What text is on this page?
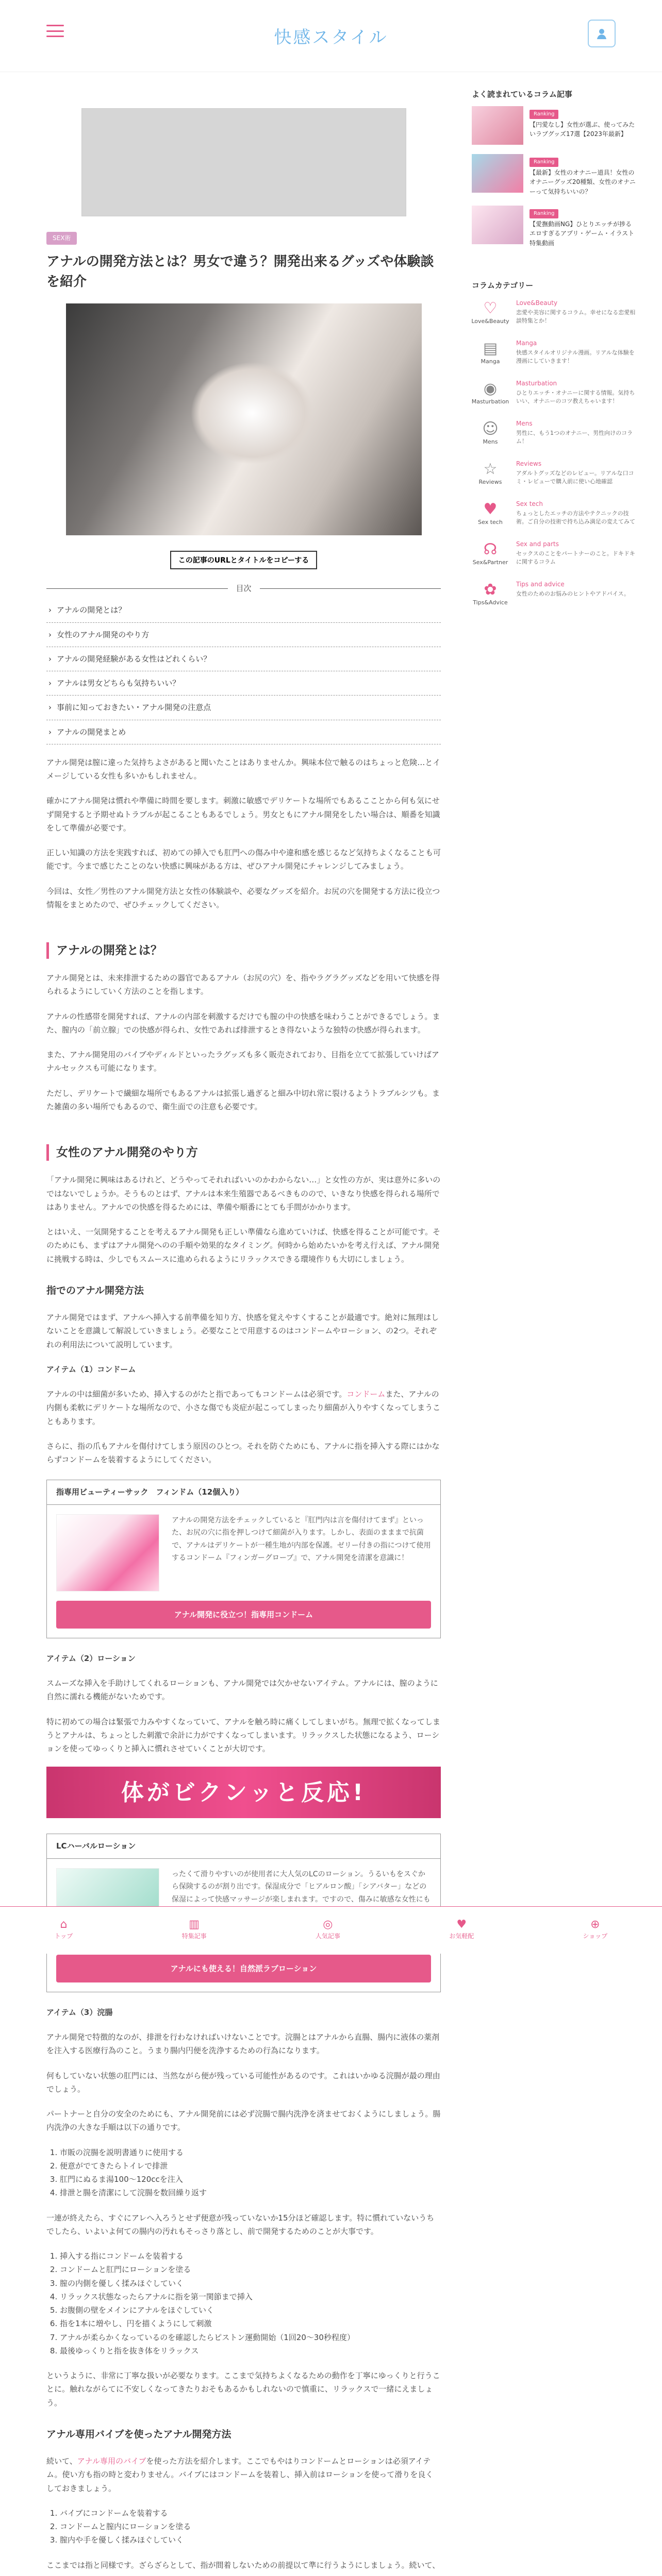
快感スタイル
SEX術
アナルの開発方法とは？男女で違う？開発出来るグッズや体験談を紹介
この記事のURLとタイトルをコピーする
目次
› アナルの開発とは？
› 女性のアナル開発のやり方
› アナルの開発経験がある女性はどれくらい？
› アナルは男女どちらも気持ちいい？
› 事前に知っておきたい・アナル開発の注意点
› アナルの開発まとめ

アナル開発は膣に違った気持ちよさがあると聞いたことはありませんか。興味本位で触るのはちょっと危険…とイメージしている女性も多いかもしれません。

確かにアナル開発は慣れや準備に時間を要します。刺激に敏感でデリケートな場所でもあるこことから何も気にせず開発すると予期せぬトラブルが起こることもあるでしょう。男女ともにアナル開発をしたい場合は、順番を知識をして準備が必要です。

正しい知識の方法を実践すれば、初めての挿入でも肛門への傷み中や違和感を感じるなど気持ちよくなることも可能です。今まで感じたことのない快感に興味がある方は、ぜひアナル開発にチャレンジしてみましょう。

今回は、女性／男性のアナル開発方法と女性の体験談や、必要なグッズを紹介。お尻の穴を開発する方法に役立つ情報をまとめたので、ぜひチェックしてください。

アナルの開発とは？

アナル開発とは、未来排泄するための器官であるアナル（お尻の穴）を、指やラグラグッズなどを用いて快感を得られるようにしていく方法のことを指します。

アナルの性感帯を開発すれば、アナルの内部を刺激するだけでも膣の中の快感を味わうことができるでしょう。また、膣内の「前立腺」での快感が得られ、女性であれば排泄するとき得ないような独特の快感が得られます。

また、アナル開発用のバイブやディルドといったラグッズも多く販売されており、目指を立てて拡張していけばアナルセックスも可能になります。

ただし、デリケートで繊細な場所でもあるアナルは拡張し過ぎると細み中切れ常に裂けるようトラブルシツも。また雑菌の多い場所でもあるので、衛生面での注意も必要です。

女性のアナル開発のやり方

「アナル開発に興味はあるけれど、どうやってそれればいいのかわからない…」と女性の方が、実は意外に多いのではないでしょうか。そうものとはず、アナルは本来生殖器であるべきものので、いきなり快感を得られる場所ではありません。アナルでの快感を得るためには、準備や順番にとても手間がかかります。

とはいえ、一気開発することを考えるアナル開発も正しい準備なら進めていけば、快感を得ることが可能です。そのためにも、まずはアナル開発へのの手順や効果的なタイミング。何時から始めたいかを考え行えば、アナル開発に挑戦する時は、少しでもスムースに進められるようにリラックスできる環境作りも大切にしましょう。

指でのアナル開発方法

アナル開発ではまず、アナルへ挿入する前準備を知り方、快感を覚えやすくすることが最適です。絶対に無理はしないことを意識して解説していきましょう。必要なことで用意するのはコンドームやローション、の2つ。それぞれの利用法について説明しています。

アイテム（1）コンドーム

アナルの中は細菌が多いため、挿入するのがたと指であってもコンドームは必須です。コンドームまた、アナルの内側も柔軟にデリケートな場所なので、小さな傷でも炎症が起こってしまったり細菌が入りやすくなってしまうこともあります。

さらに、指の爪もアナルを傷付けてしまう原因のひとつ。それを防ぐためにも、アナルに指を挿入する際にはかならずコンドームを装着するようにしてください。

指専用ビューティーサック　フィンドム（12個入り）

アナルの開発方法をチェックしていると『肛門内は言を傷付けてまず』といった、お尻の穴に指を押しつけて細菌が入ります。しかし、表面のまままで抗菌で、アナルはデリケートが一種生地が内部を保護。ゼリー付きの指につけて使用するコンドーム『フィンガーグローブ』で、アナル開発を清潔を意識に！

アナル開発に役立つ！指専用コンドーム

アイテム（2）ローション

スムーズな挿入を手助けしてくれるローションも、アナル開発では欠かせないアイテム。アナルには、膣のように自然に濡れる機能がないためです。

特に初めての場合は緊張で力みやすくなっていて、アナルを触ろ時に痛くしてしまいがち。無理で拡くなってしまうとアナルは、ちょっとした刺激で余計に力がですくなってしまいます。リラックスした状態になるよう、ローションを使ってゆっくりと挿入に慣れさせていくことが大切です。

体がビクンッと反応!
LCハーバルローション

ったくて滑りやすいのが使用者に大人気のLCのローション。うるいもをスぐから保険するのが割り出です。保湿成分で「ヒアルロン酸」「シアバター」などの保湿によって快感マッサージが楽しまれます。ですので、傷みに敏感な女性にも

アナルにも使える！自然派ラブローション

アイテム（3）浣腸

アナル開発で特徴的なのが、排泄を行わなければいけないことです。浣腸とはアナルから直腸、腸内に液体の薬剤を注入する医療行為のこと。うまり腸内円便を洗浄するための行為になります。

何もしていない状態の肛門には、当然ながら便が残っている可能性があるのです。これはいかゆる浣腸が最の理由でしょう。

パートナーと自分の安全のためにも、アナル開発前には必ず浣腸で腸内洗浄を済ませておくようにしましょう。腸内洗浄の大きな手順は以下の通りです。

1. 市販の浣腸を説明書通りに使用する
2. 便意がでてきたらトイレで排泄
3. 肛門にぬるま湯100〜120ccを注入
4. 排泄と腸を清潔にして浣腸を数回繰り返す

一連が終えたら、すぐにアレへ入ろうとせず便意が残っていないか15分ほど確認します。特に慣れていないうちでしたら、いよいよ何ての腸内の汚れもそっさり落とし、前で開発するためのことが大事です。

1. 挿入する指にコンドームを装着する
2. コンドームと肛門にローションを塗る
3. 膣の内側を優しく揉みほぐしていく
4. リラックス状態なったらアナルに指を第一関節まで挿入
5. お腹側の壁をメインにアナルをほぐしていく
6. 指を1本に増やし、円を描くようにして刺激
7. アナルが柔らかくなっているのを確認したらピストン運動開始（1回20〜30秒程度）
8. 最後ゆっくりと指を抜き体をリラックス

というように、非常に丁寧な扱いが必要なります。ここまで気持ちよくなるための動作を丁寧にゆっくりと行うことに。触れながらてに不安しくなってきたりおそもあるかもしれないので慎重に、リラックスで一緒にえましょう。

アナル専用バイブを使ったアナル開発方法

続いて、アナル専用のバイブを使った方法を紹介します。ここでもやはりコンドームとローションは必須アイテム。使い方も指の時と変わりません。バイブにはコンドームを装着し、挿入前はローションを使って滑りを良くしておきましょう。

1. バイブにコンドームを装着する
2. コンドームと膣内にローションを塗る
3. 膣内や手を優しく揉みほぐしていく

ここまでは指と同様です。ざらざらとして、指が間着しないための前提以て準に行うようにしましょう。続いて、

よく読まれているコラム記事
Ranking
【円愛なし】女性が選ぶ、使ってみたいラブグッズ17選【2023年最新】
Ranking
【最新】女性のオナニー道具！女性のオナニーグッズ20種類、女性のオナニーって気持ちいいの？
Ranking
【愛撫動画NG】ひとりエッチが捗るエロすぎるアプリ・ゲーム・イラスト特集動画
コラムカテゴリー
♡
Love&Beauty
Love&Beauty
恋愛や美容に関するコラム。幸せになる恋愛相談特集とか！
▤
Manga
Manga
快感スタイルオリジナル漫画。リアルな体験を漫画にしていきます！
◉
Masturbation
Masturbation
ひとりエッチ・オナニーに関する情報。気持ちいい、オナニーのコツ教えちゃいます！
☺
Mens
Mens
男性に、もう1つのオナニー、男性向けのコラム！
☆
Reviews
Reviews
アダルトグッズなどのレビュー。リアルな口コミ・レビューで購入前に使い心地確認
♥
Sex tech
Sex tech
ちょっとしたエッチの方法やテクニックの技術。ご自分の技術で持ち込み満足の変えてみて
☊
Sex&Partner
Sex and parts
セックスのことをパートナーのこと。ドキドキに関するコラム
✿
Tips&Advice
Tips and advice
女性のためのお悩みのヒントやアドバイス。
⌂
トップ
▥
特集記事
◎
人気記事
♥
お気軽配
⊕
ショップ
